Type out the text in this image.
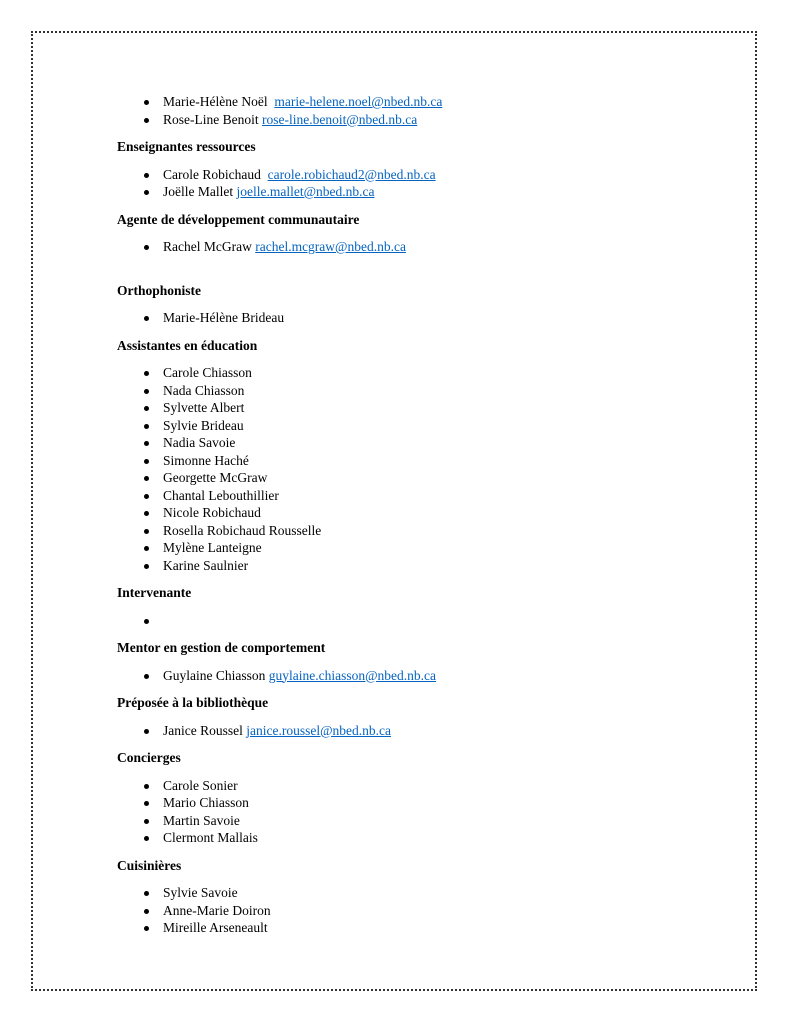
Marie-Hélène Noël  marie-helene.noel@nbed.nb.ca
Rose-Line Benoit rose-line.benoit@nbed.nb.ca
Enseignantes ressources
Carole Robichaud  carole.robichaud2@nbed.nb.ca
Joëlle Mallet joelle.mallet@nbed.nb.ca
Agente de développement communautaire
Rachel McGraw rachel.mcgraw@nbed.nb.ca
Orthophoniste
Marie-Hélène Brideau
Assistantes en éducation
Carole Chiasson
Nada Chiasson
Sylvette Albert
Sylvie Brideau
Nadia Savoie
Simonne Haché
Georgette McGraw
Chantal Lebouthillier
Nicole Robichaud
Rosella Robichaud Rousselle
Mylène Lanteigne
Karine Saulnier
Intervenante
Mentor en gestion de comportement
Guylaine Chiasson guylaine.chiasson@nbed.nb.ca
Préposée à la bibliothèque
Janice Roussel janice.roussel@nbed.nb.ca
Concierges
Carole Sonier
Mario Chiasson
Martin Savoie
Clermont Mallais
Cuisinières
Sylvie Savoie
Anne-Marie Doiron
Mireille Arseneault
